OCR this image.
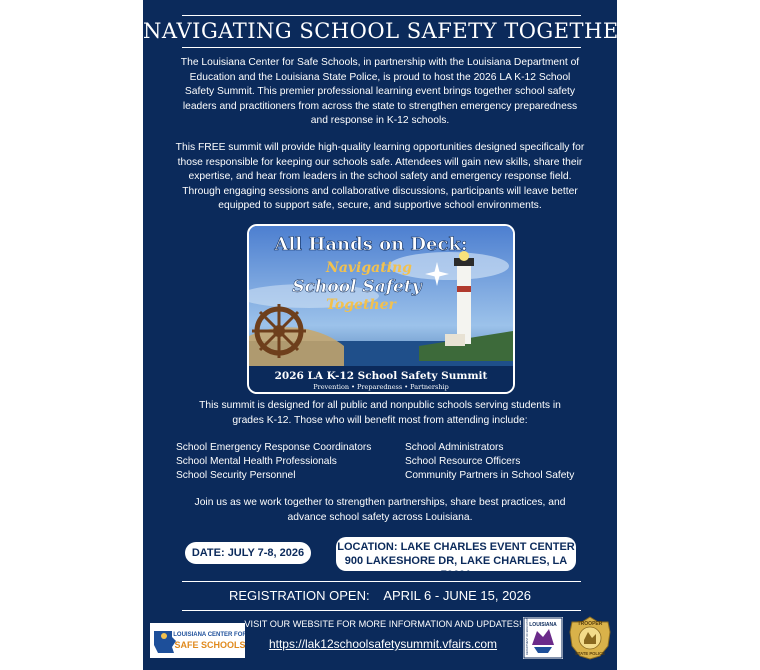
NAVIGATING SCHOOL SAFETY TOGETHER
The Louisiana Center for Safe Schools, in partnership with the Louisiana Department of Education and the Louisiana State Police, is proud to host the 2026 LA K-12 School Safety Summit. This premier professional learning event brings together school safety leaders and practitioners from across the state to strengthen emergency preparedness and response in K-12 schools.
This FREE summit will provide high-quality learning opportunities designed specifically for those responsible for keeping our schools safe. Attendees will gain new skills, share their expertise, and hear from leaders in the school safety and emergency response field. Through engaging sessions and collaborative discussions, participants will leave better equipped to support safe, secure, and supportive school environments.
All Hands on Deck:
Navigating
School Safety
Together
2026 LA K-12 School Safety Summit
Prevention • Preparedness • Partnership
This summit is designed for all public and nonpublic schools serving students in grades K-12. Those who will benefit most from attending include:
School Emergency Response Coordinators
School Mental Health Professionals
School Security Personnel
School Administrators
School Resource Officers
Community Partners in School Safety
Join us as we work together to strengthen partnerships, share best practices, and advance school safety across Louisiana.
DATE: JULY 7-8, 2026	LOCATION: LAKE CHARLES EVENT CENTER
900 LAKESHORE DR, LAKE CHARLES, LA 70601
REGISTRATION OPEN: APRIL 6 - JUNE 15, 2026
LOUISIANA CENTER FOR
SAFE SCHOOLS
VISIT OUR WEBSITE FOR MORE INFORMATION AND UPDATES!
https://lak12schoolsafetysummit.vfairs.com
LOUISIANA
DEPARTMENT OF EDUCATION	TROOPER
STATE POLICE
